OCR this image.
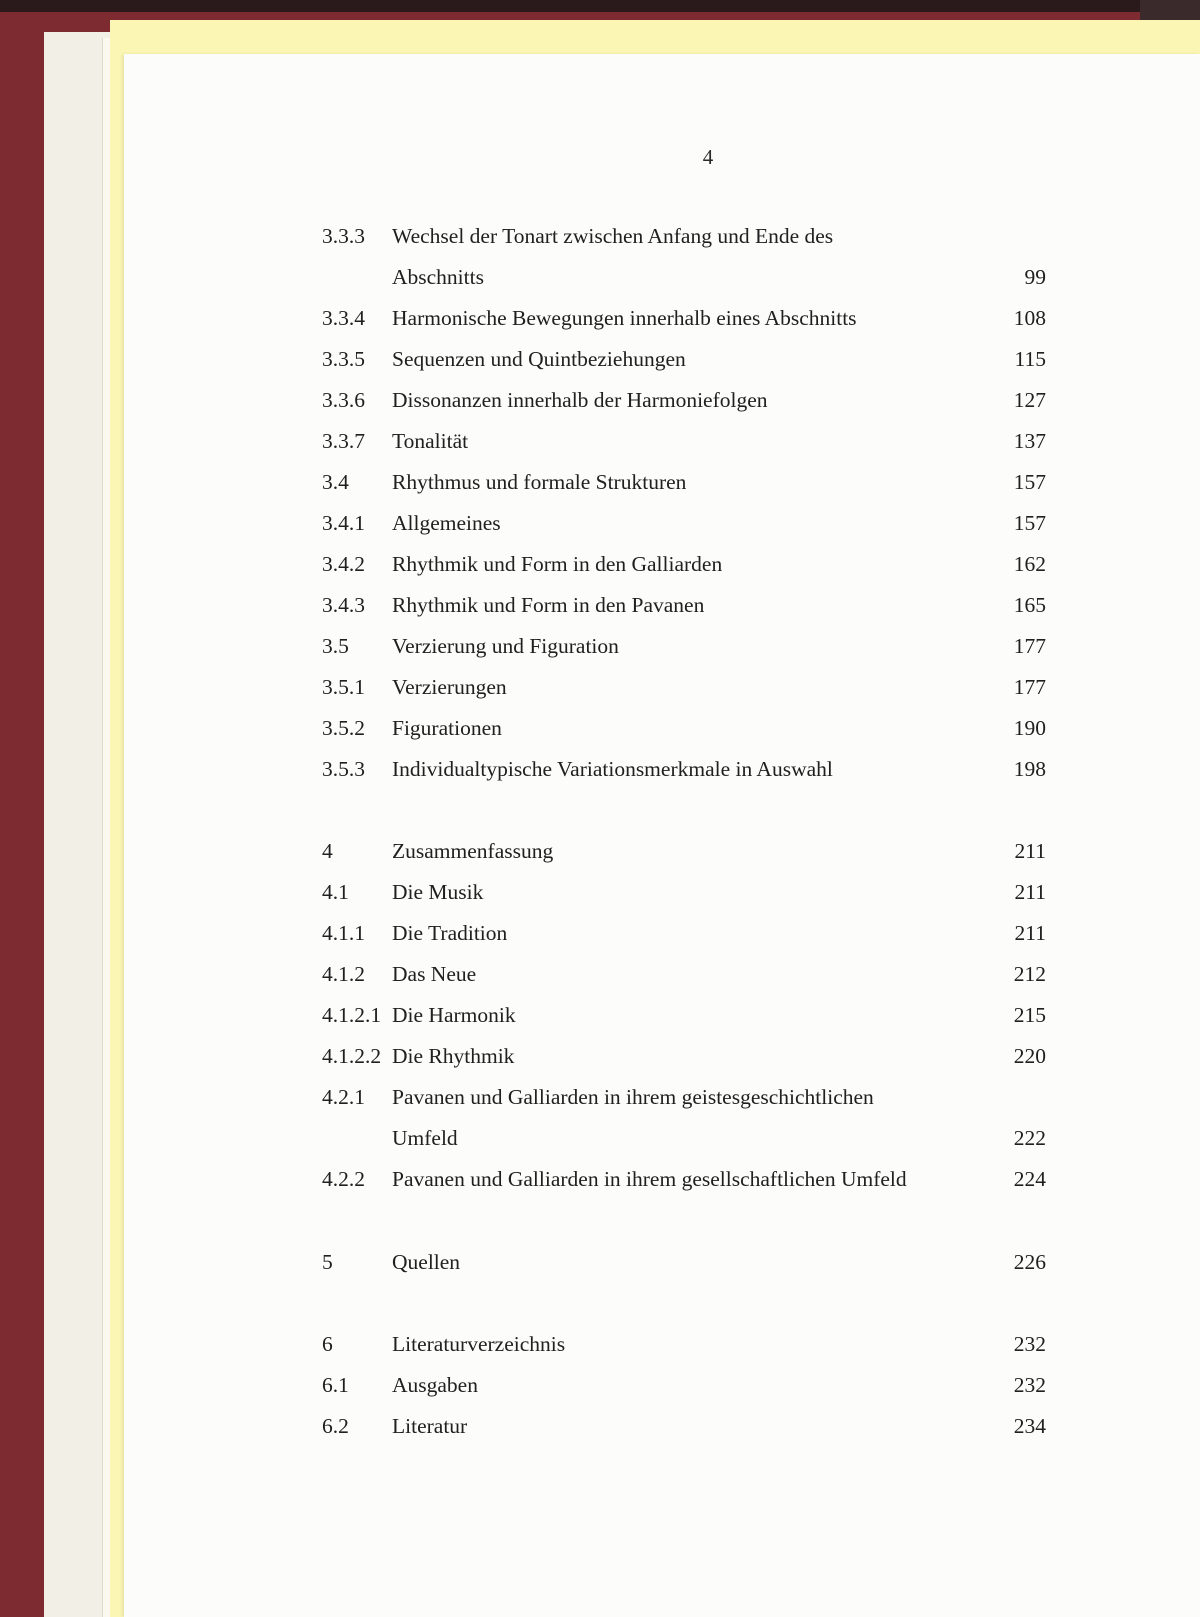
4
3.3.3 Wechsel der Tonart zwischen Anfang und Ende des
Abschnitts	99
3.3.4 Harmonische Bewegungen innerhalb eines Abschnitts	108
3.3.5 Sequenzen und Quintbeziehungen	115
3.3.6 Dissonanzen innerhalb der Harmoniefolgen	127
3.3.7 Tonalität	137
3.4 Rhythmus und formale Strukturen	157
3.4.1 Allgemeines	157
3.4.2 Rhythmik und Form in den Galliarden	162
3.4.3 Rhythmik und Form in den Pavanen	165
3.5 Verzierung und Figuration	177
3.5.1 Verzierungen	177
3.5.2 Figurationen	190
3.5.3 Individualtypische Variationsmerkmale in Auswahl	198
4	Zusammenfassung	211
4.1 Die Musik	211
4.1.1 Die Tradition	211
4.1.2 Das Neue	212
4.1.2.1 Die Harmonik	215
4.1.2.2 Die Rhythmik	220
4.2.1 Pavanen und Galliarden in ihrem geistesgeschichtlichen
Umfeld	222
4.2.2 Pavanen und Galliarden in ihrem gesellschaftlichen Umfeld	224
5	Quellen	226
6	Literaturverzeichnis	232
6.1 Ausgaben	232
6.2 Literatur	234
